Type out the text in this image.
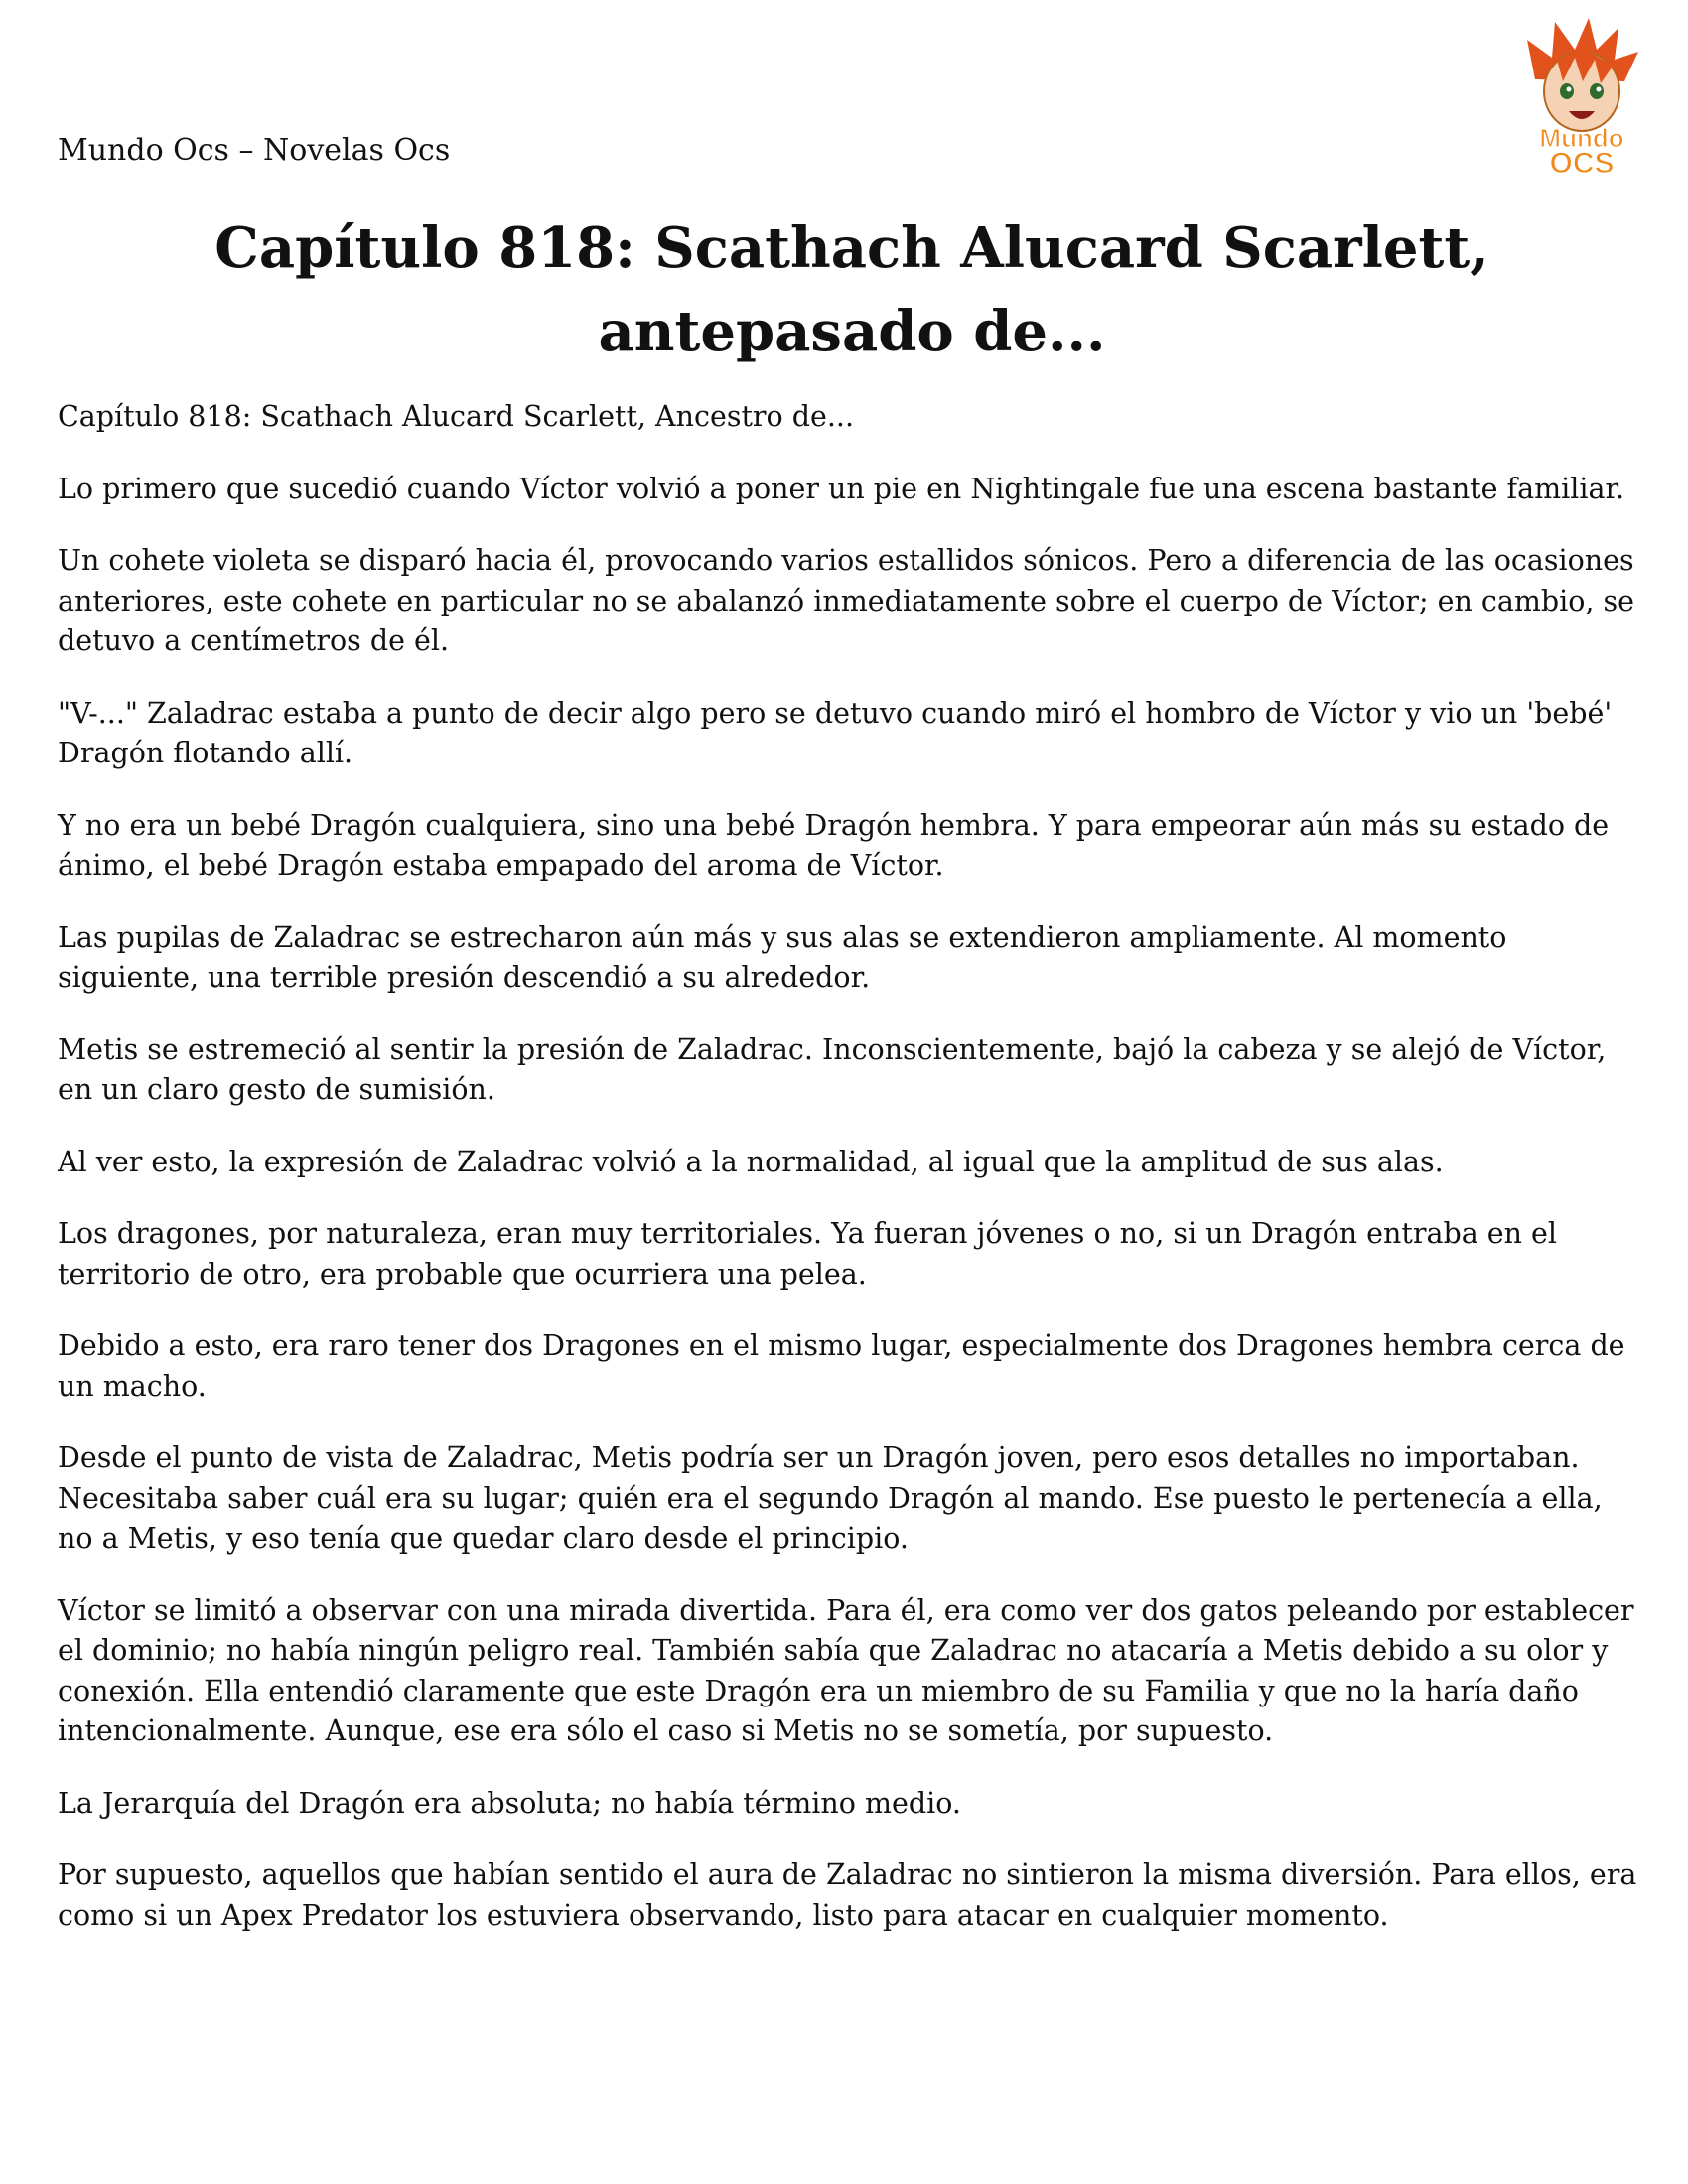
Mundo Ocs – Novelas Ocs	Mundo
OCS
Capítulo 818: Scathach Alucard Scarlett, antepasado de...

Capítulo 818: Scathach Alucard Scarlett, Ancestro de...

Lo primero que sucedió cuando Víctor volvió a poner un pie en Nightingale fue una escena bastante familiar.

Un cohete violeta se disparó hacia él, provocando varios estallidos sónicos. Pero a diferencia de las ocasiones anteriores, este cohete en particular no se abalanzó inmediatamente sobre el cuerpo de Víctor; en cambio, se detuvo a centímetros de él.

"V-..." Zaladrac estaba a punto de decir algo pero se detuvo cuando miró el hombro de Víctor y vio un 'bebé' Dragón flotando allí.

Y no era un bebé Dragón cualquiera, sino una bebé Dragón hembra. Y para empeorar aún más su estado de ánimo, el bebé Dragón estaba empapado del aroma de Víctor.

Las pupilas de Zaladrac se estrecharon aún más y sus alas se extendieron ampliamente. Al momento siguiente, una terrible presión descendió a su alrededor.

Metis se estremeció al sentir la presión de Zaladrac. Inconscientemente, bajó la cabeza y se alejó de Víctor, en un claro gesto de sumisión.

Al ver esto, la expresión de Zaladrac volvió a la normalidad, al igual que la amplitud de sus alas.

Los dragones, por naturaleza, eran muy territoriales. Ya fueran jóvenes o no, si un Dragón entraba en el territorio de otro, era probable que ocurriera una pelea.

Debido a esto, era raro tener dos Dragones en el mismo lugar, especialmente dos Dragones hembra cerca de un macho.

Desde el punto de vista de Zaladrac, Metis podría ser un Dragón joven, pero esos detalles no importaban. Necesitaba saber cuál era su lugar; quién era el segundo Dragón al mando. Ese puesto le pertenecía a ella, no a Metis, y eso tenía que quedar claro desde el principio.

Víctor se limitó a observar con una mirada divertida. Para él, era como ver dos gatos peleando por establecer el dominio; no había ningún peligro real. También sabía que Zaladrac no atacaría a Metis debido a su olor y conexión. Ella entendió claramente que este Dragón era un miembro de su Familia y que no la haría daño intencionalmente. Aunque, ese era sólo el caso si Metis no se sometía, por supuesto.

La Jerarquía del Dragón era absoluta; no había término medio.

Por supuesto, aquellos que habían sentido el aura de Zaladrac no sintieron la misma diversión. Para ellos, era como si un Apex Predator los estuviera observando, listo para atacar en cualquier momento.
